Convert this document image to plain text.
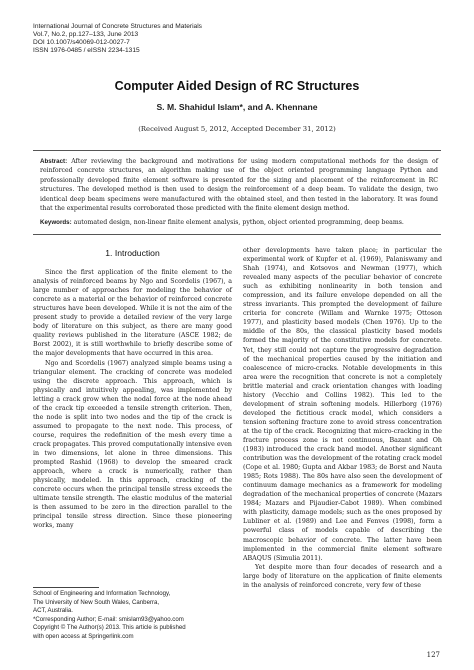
International Journal of Concrete Structures and Materials
Vol.7, No.2, pp.127–133, June 2013
DOI 10.1007/s40069-012-0027-7
ISSN 1976-0485 / eISSN 2234-1315
Computer Aided Design of RC Structures
S. M. Shahidul Islam*, and A. Khennane
(Received August 5, 2012, Accepted December 31, 2012)
Abstract: After reviewing the background and motivations for using modern computational methods for the design of reinforced concrete structures, an algorithm making use of the object oriented programming language Python and professionally developed finite element software is presented for the sizing and placement of the reinforcement in RC structures. The developed method is then used to design the reinforcement of a deep beam. To validate the design, two identical deep beam specimens were manufactured with the obtained steel, and then tested in the laboratory. It was found that the experimental results corroborated those predicted with the finite element design method.
Keywords: automated design, non-linear finite element analysis, python, object oriented programming, deep beams.
1. Introduction

Since the first application of the finite element to the analysis of reinforced beams by Ngo and Scordelis (1967), a large number of approaches for modeling the behavior of concrete as a material or the behavior of reinforced concrete structures have been developed. While it is not the aim of the present study to provide a detailed review of the very large body of literature on this subject, as there are many good quality reviews published in the literature (ASCE 1982; de Borst 2002), it is still worthwhile to briefly describe some of the major developments that have occurred in this area.

Ngo and Scordelis (1967) analyzed simple beams using a triangular element. The cracking of concrete was modeled using the discrete approach. This approach, which is physically and intuitively appealing, was implemented by letting a crack grow when the nodal force at the node ahead of the crack tip exceeded a tensile strength criterion. Then, the node is split into two nodes and the tip of the crack is assumed to propagate to the next node. This process, of course, requires the redefinition of the mesh every time a crack propagates. This proved computationally intensive even in two dimensions, let alone in three dimensions. This prompted Rashid (1968) to develop the smeared crack approach, where a crack is numerically, rather than physically, modeled. In this approach, cracking of the concrete occurs when the principal tensile stress exceeds the ultimate tensile strength. The elastic modulus of the material is then assumed to be zero in the direction parallel to the principal tensile stress direction. Since these pioneering works, many

other developments have taken place; in particular the experimental work of Kupfer et al. (1969), Palaniswamy and Shah (1974), and Kotsovos and Newman (1977), which revealed many aspects of the peculiar behavior of concrete such as exhibiting nonlinearity in both tension and compression, and its failure envelope depended on all the stress invariants. This prompted the development of failure criteria for concrete (Willam and Warnke 1975; Ottoson 1977), and plasticity based models (Chen 1976). Up to the middle of the 80s, the classical plasticity based models formed the majority of the constitutive models for concrete. Yet, they still could not capture the progressive degradation of the mechanical properties caused by the initiation and coalescence of micro-cracks. Notable developments in this area were the recognition that concrete is not a completely brittle material and crack orientation changes with loading history (Vecchio and Collins 1982). This led to the development of strain softening models. Hillerborg (1976) developed the fictitious crack model, which considers a tension softening fracture zone to avoid stress concentration at the tip of the crack. Recognizing that micro-cracking in the fracture process zone is not continuous, Bazant and Oh (1983) introduced the crack band model. Another significant contribution was the development of the rotating crack model (Cope et al. 1980; Gupta and Akbar 1983; de Borst and Nauta 1985; Rots 1988). The 80s have also seen the development of continuum damage mechanics as a framework for modeling degradation of the mechanical properties of concrete (Mazars 1984; Mazars and Pijaudier-Cabot 1989). When combined with plasticity, damage models; such as the ones proposed by Lubliner et al. (1989) and Lee and Fenves (1998), form a powerful class of models capable of describing the macroscopic behavior of concrete. The latter have been implemented in the commercial finite element software ABAQUS (Simulia 2011).

Yet despite more than four decades of research and a large body of literature on the application of finite elements in the analysis of reinforced concrete, very few of these

School of Engineering and Information Technology,
The University of New South Wales, Canberra,
ACT, Australia.
*Corresponding Author; E-mail: smislam93@yahoo.com
Copyright © The Author(s) 2013. This article is published
with open access at Springerlink.com
127
